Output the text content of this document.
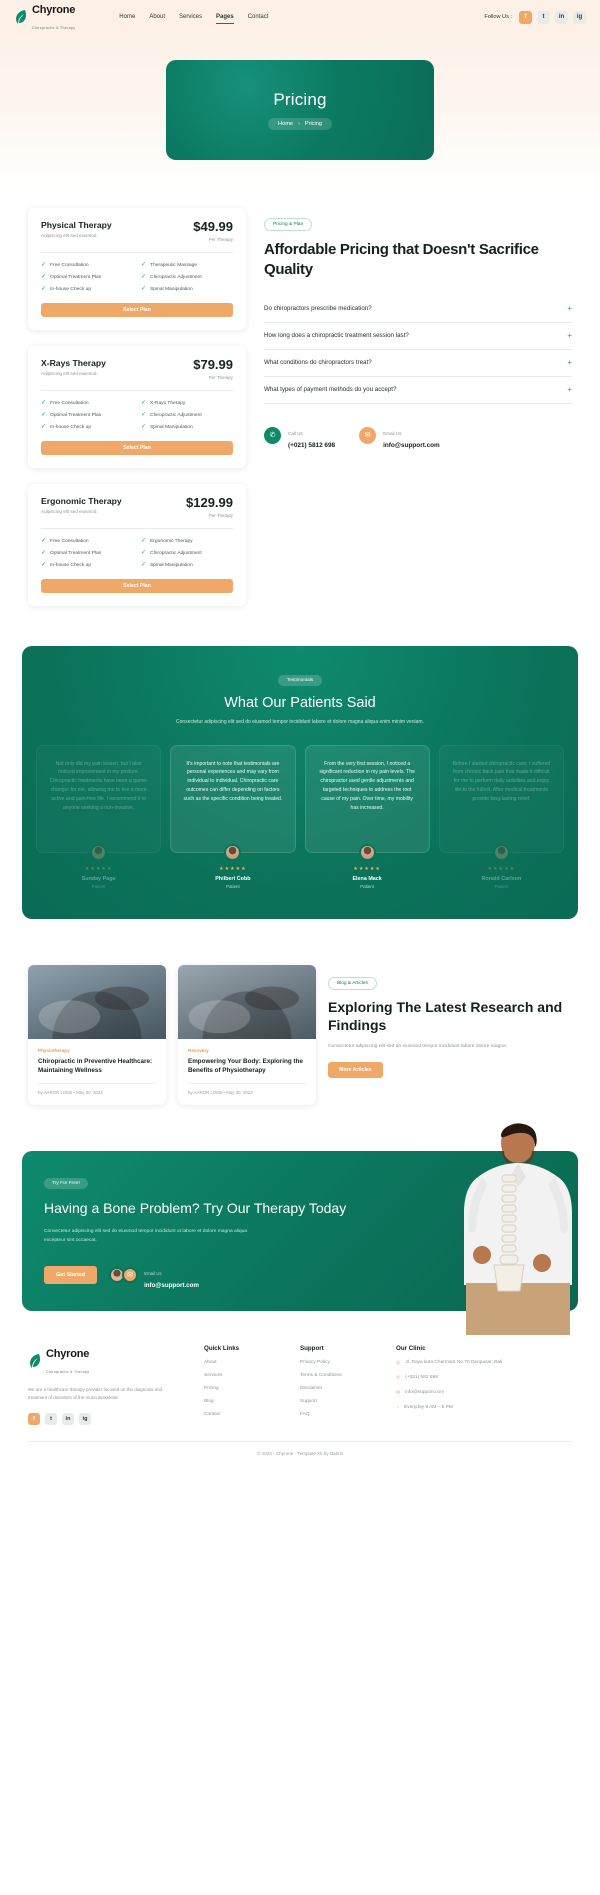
Chyrone
Chiropractic & Therapy
Home About Services Pages Contact	Follow Us :	f	t	in	ig
Pricing
Home › Pricing
Physical Therapy
Adipiscing elit sed eiusmod.
$49.99
Per Therapy
✓ Free Consultation	✓ Therapeutic Massage
✓ Optimal Treatment Plan	✓ Chiropractic Adjustment
✓ In-house Check up	✓ Spinal Manipulation
Select Plan
X-Rays Therapy
Adipiscing elit sed eiusmod.
$79.99
Per Therapy
✓ Free Consultation	✓ X-Rays Therapy
✓ Optimal Treatment Plan	✓ Chiropractic Adjustment
✓ In-house Check up	✓ Spinal Manipulation
Select Plan
Ergonomic Therapy
Adipiscing elit sed eiusmod.
$129.99
Per Therapy
✓ Free Consultation	✓ Ergonomic Therapy
✓ Optimal Treatment Plan	✓ Chiropractic Adjustment
✓ In-house Check up	✓ Spinal Manipulation
Select Plan
Pricing & Plan
Affordable Pricing that Doesn't Sacrifice Quality
Do chiropractors prescribe medication?	+
How long does a chiropractic treatment session last?	+
What conditions do chiropractors treat?	+
What types of payment methods do you accept?	+
✆	Call Us
(+021) 5812 698
✉	Email Us
info@support.com
Testimonials
What Our Patients Said
Consectetur adipiscing elit sed do eiusmod tempor incididunt labore et dolore magna aliqua enim minim veniam.
Not only did my pain lessen, but I also noticed improvement in my posture. Chiropractic treatments have been a game-changer for me, allowing me to live a more active and pain-free life. I recommend it to anyone seeking a non-invasive.
★★★★★
Sunday Page
Patient
It's important to note that testimonials are personal experiences and may vary from individual to individual. Chiropractic care outcomes can differ depending on factors such as the specific condition being treated.
★★★★★
Philbert Cobb
Patient
From the very first session, I noticed a significant reduction in my pain levels. The chiropractor used gentle adjustments and targeted techniques to address the root cause of my pain. Over time, my mobility has increased.
★★★★★
Elena Mack
Patient
Before I started chiropractic care, I suffered from chronic back pain that made it difficult for me to perform daily activities and enjoy life to the fullest. After medical treatments provide long-lasting relief.
★★★★★
Ronald Carlson
Patient
Physiotherapy
Chiropractic in Preventive Healthcare: Maintaining Wellness
by AARON LOEB • May 30, 2023
Recovery
Empowering Your Body: Exploring the Benefits of Physiotherapy
by AARON LOEB • May 30, 2023
Blog & Articles
Exploring The Latest Research and Findings

Consectetur adipiscing elit sed do eiusmod tempor incididunt labore dolore magna.

More Articles
Try For Free!
Having a Bone Problem? Try Our Therapy Today

Consectetur adipiscing elit sed do eiusmod tempor incididunt ut labore et dolore magna aliqua excepteur sint occaecat.

Get Started	✉	Email Us
info@support.com
Chyrone
Chiropractic & Therapy
We are a healthcare therapy provider focused on the diagnosis and treatment of disorders of the musculoskeletal
f	t	in	ig
Quick Links
About
Services
Pricing
Blog
Contact
Support
Privacy Policy
Terms & Conditions
Disclaimer
Support
FAQ
Our Clinic
◎ Jl. Raya kuta Charmant No.70 Denpasar, Bali
✆ (+021) 582 698
✉ info@support.com
◔ Everyday 9 AM – 5 PM
© 2023 · Chyrone · Template Kit by Babriz
